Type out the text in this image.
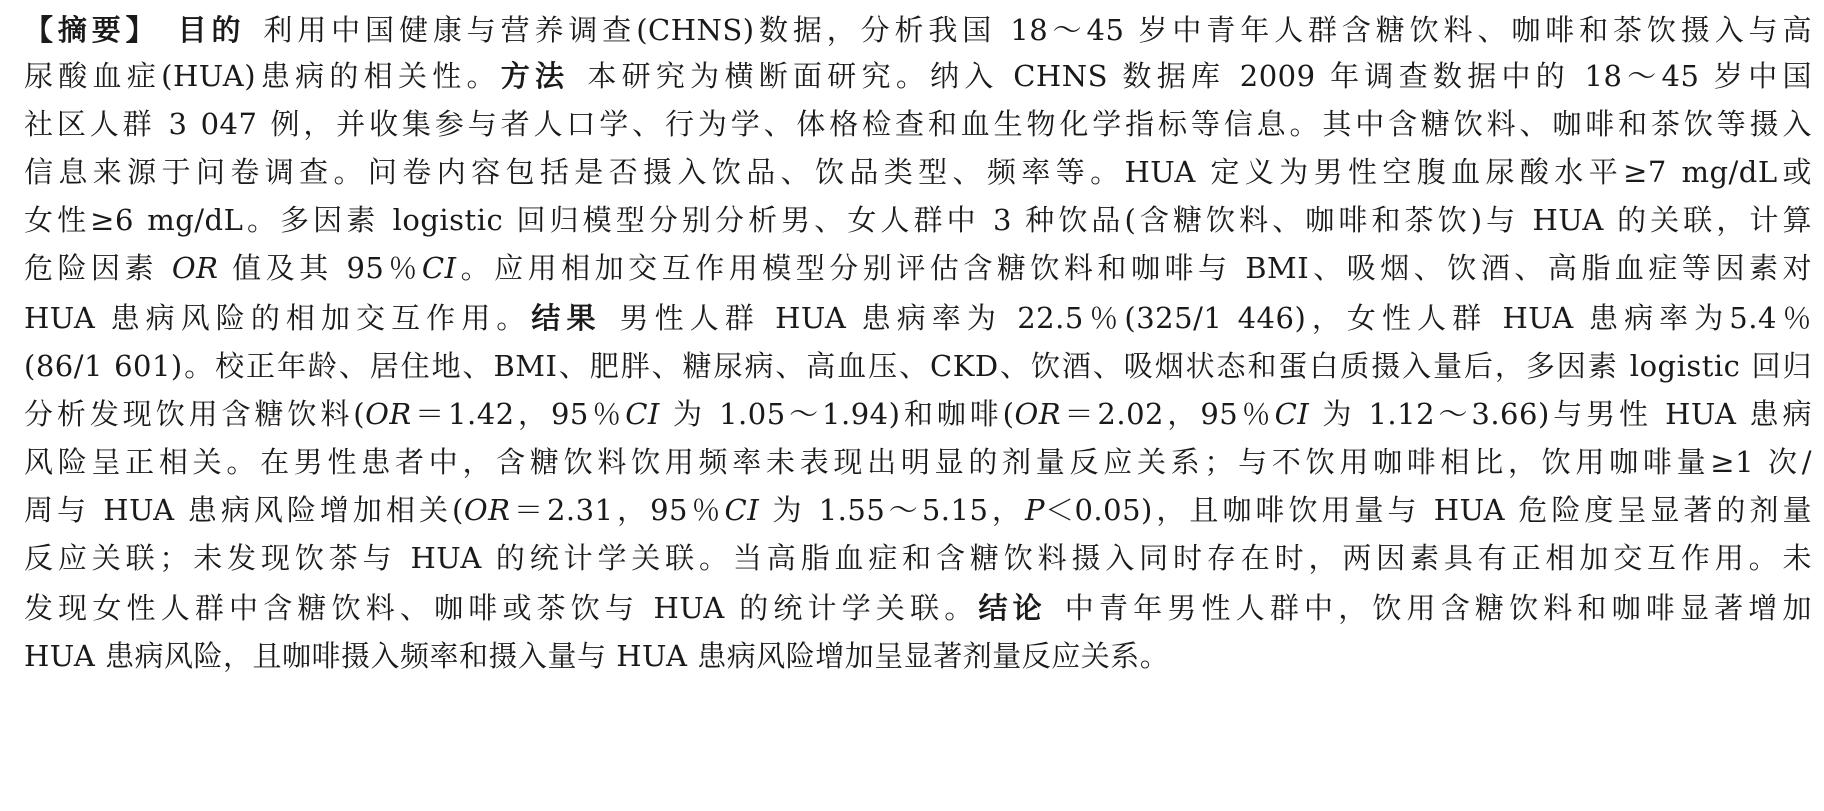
【摘要】 目的 利用中国健康与营养调查(CHNS)数据，分析我国 18～45 岁中青年人群含糖饮料、咖啡和茶饮摄入与高
尿酸血症(HUA)患病的相关性。方法 本研究为横断面研究。纳入 CHNS 数据库 2009 年调查数据中的 18～45 岁中国
社区人群 3 047 例，并收集参与者人口学、行为学、体格检查和血生物化学指标等信息。其中含糖饮料、咖啡和茶饮等摄入
信息来源于问卷调查。问卷内容包括是否摄入饮品、饮品类型、频率等。HUA 定义为男性空腹血尿酸水平≥7 mg/dL或
女性≥6 mg/dL。多因素 logistic 回归模型分别分析男、女人群中 3 种饮品(含糖饮料、咖啡和茶饮)与 HUA 的关联，计算
危险因素 OR 值及其 95％CI。应用相加交互作用模型分别评估含糖饮料和咖啡与 BMI、吸烟、饮酒、高脂血症等因素对
HUA 患病风险的相加交互作用。结果 男性人群 HUA 患病率为 22.5％(325/1 446)，女性人群 HUA 患病率为5.4％
(86/1 601)。校正年龄、居住地、BMI、肥胖、糖尿病、高血压、CKD、饮酒、吸烟状态和蛋白质摄入量后，多因素 logistic 回归
分析发现饮用含糖饮料(OR＝1.42，95％CI 为 1.05～1.94)和咖啡(OR＝2.02，95％CI 为 1.12～3.66)与男性 HUA 患病
风险呈正相关。在男性患者中，含糖饮料饮用频率未表现出明显的剂量反应关系；与不饮用咖啡相比，饮用咖啡量≥1 次/
周与 HUA 患病风险增加相关(OR＝2.31，95％CI 为 1.55～5.15，P＜0.05)，且咖啡饮用量与 HUA 危险度呈显著的剂量
反应关联；未发现饮茶与 HUA 的统计学关联。当高脂血症和含糖饮料摄入同时存在时，两因素具有正相加交互作用。未
发现女性人群中含糖饮料、咖啡或茶饮与 HUA 的统计学关联。结论 中青年男性人群中，饮用含糖饮料和咖啡显著增加
HUA 患病风险，且咖啡摄入频率和摄入量与 HUA 患病风险增加呈显著剂量反应关系。
